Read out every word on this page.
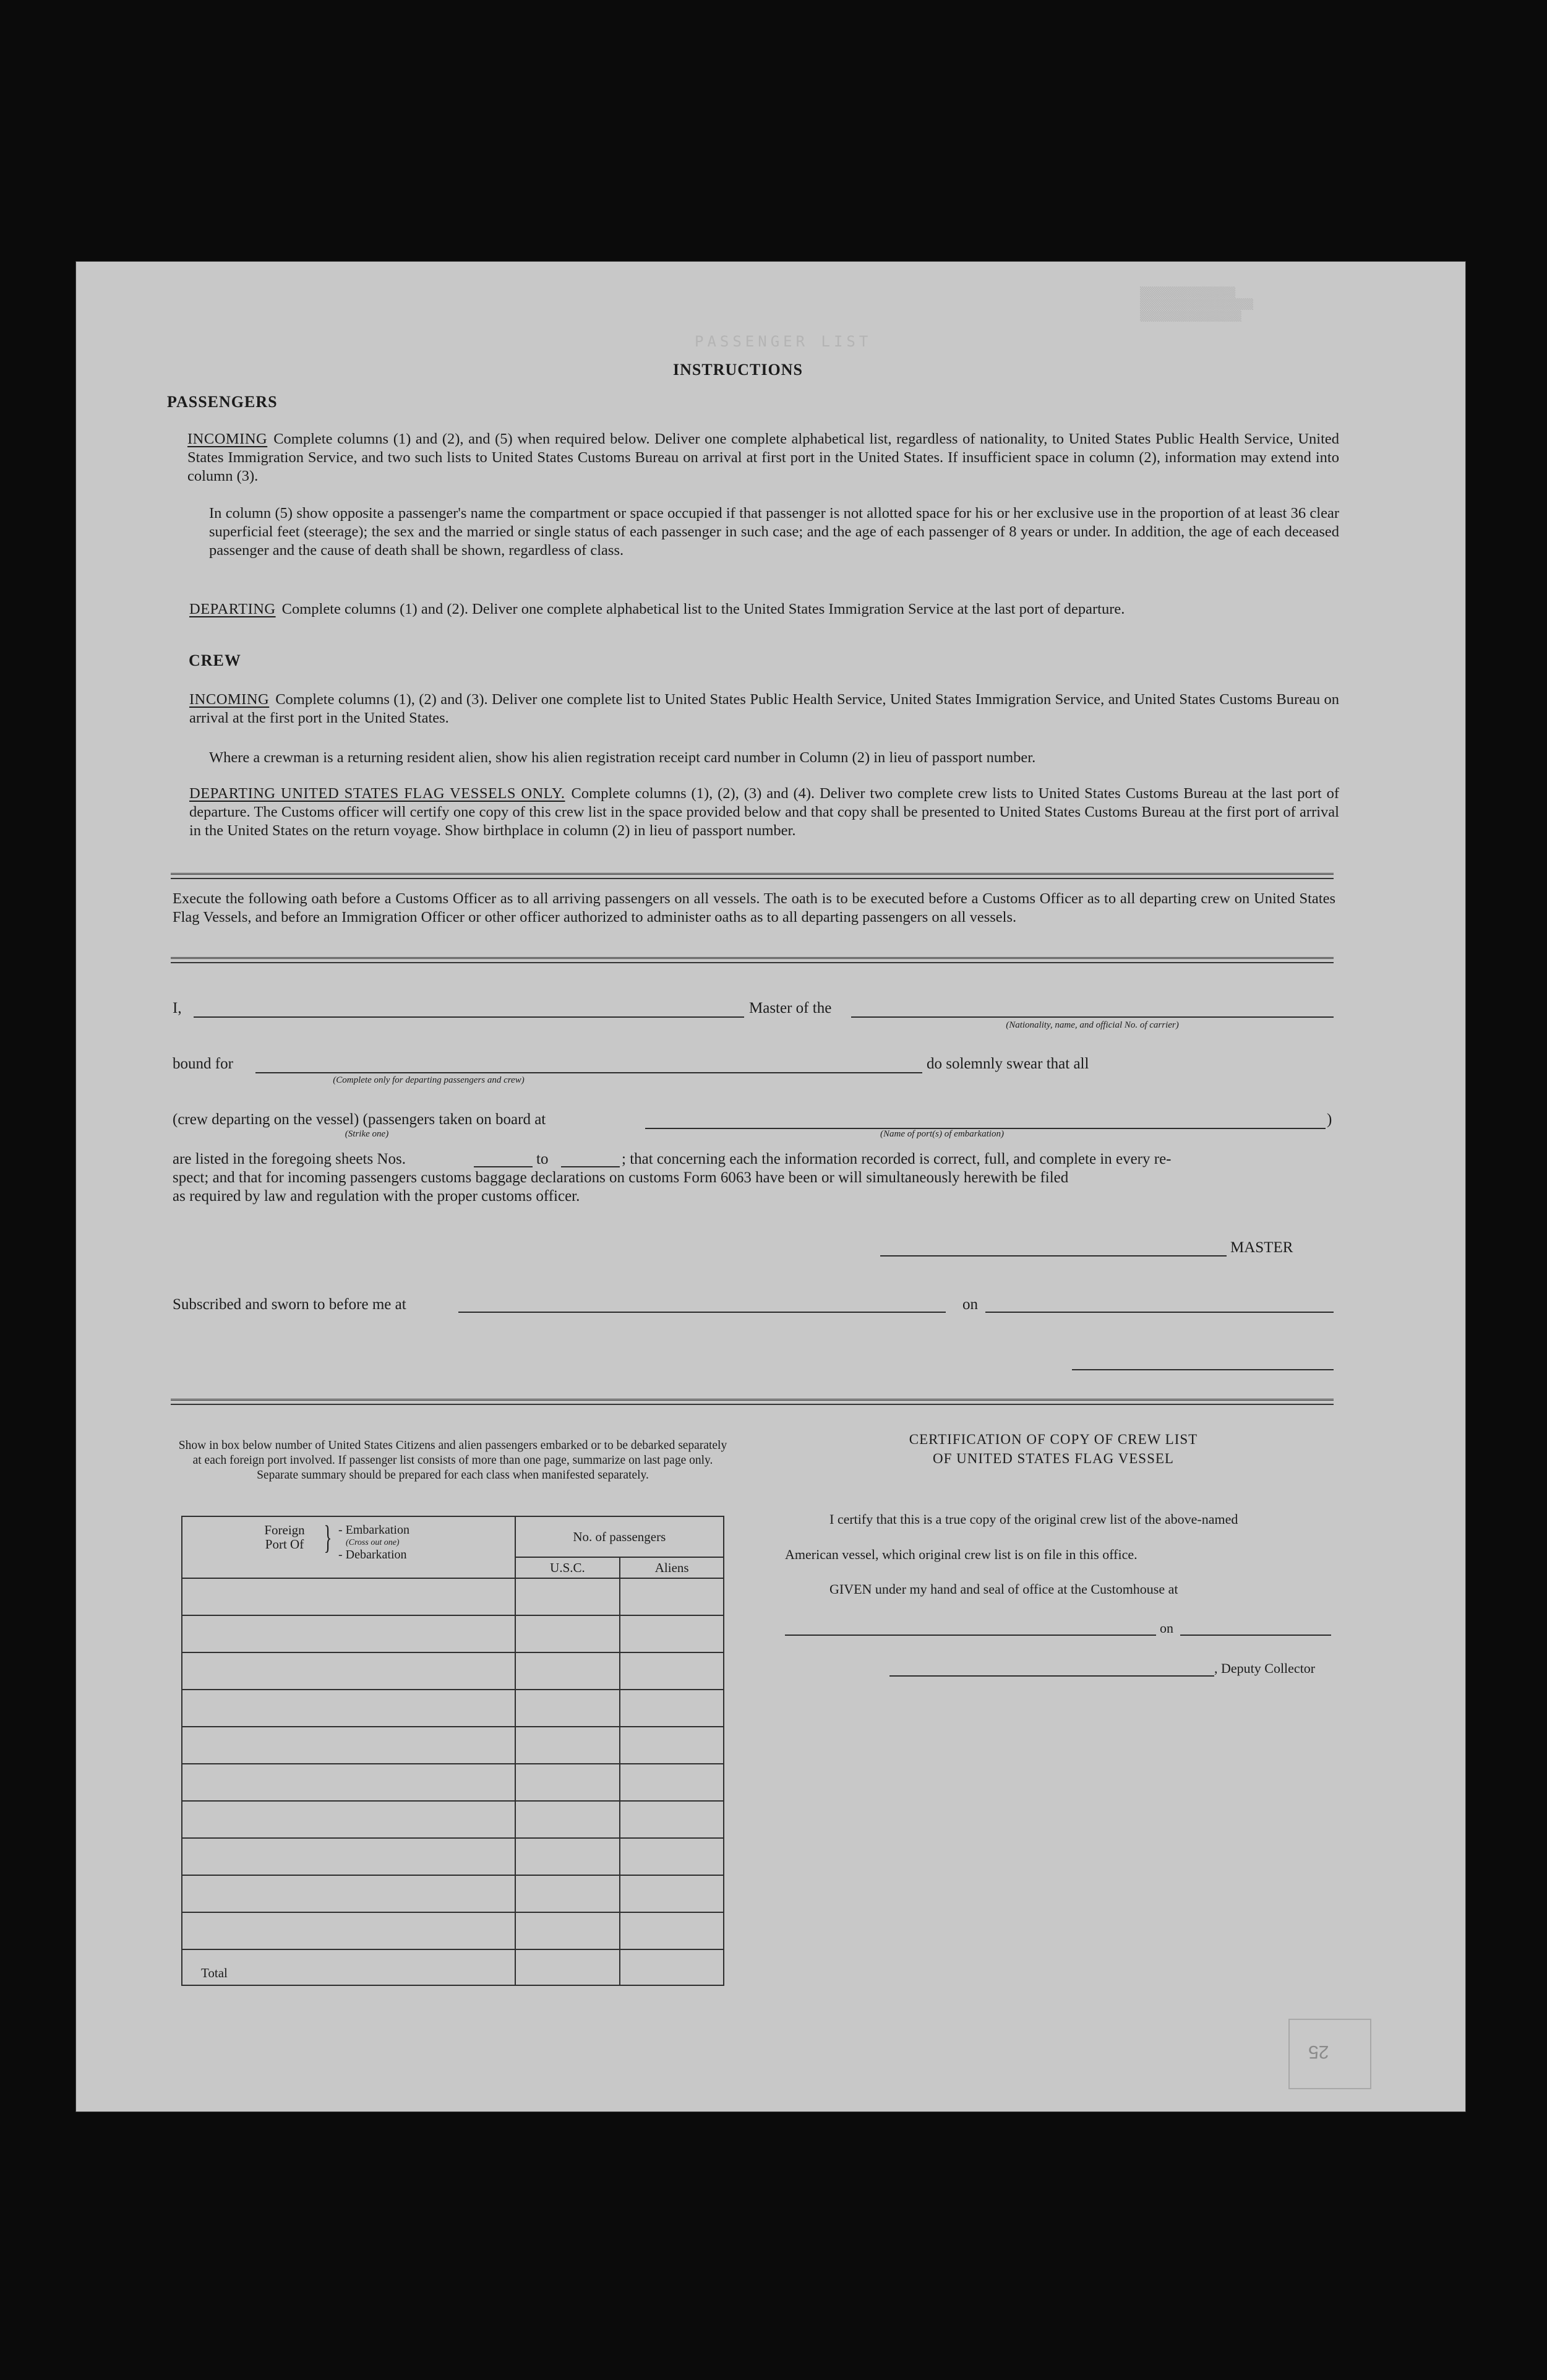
PASSENGER LIST
▒▒▒▒▒▒▒▒▒▒▒▒▒▒▒▒
▒▒▒▒▒▒▒▒▒▒▒▒▒▒▒▒▒▒▒
▒▒▒▒▒▒▒▒▒▒▒▒▒▒▒▒▒
INSTRUCTIONS
PASSENGERS
INCOMING Complete columns (1) and (2), and (5) when required below. Deliver one complete alphabetical list, regardless of nationality, to United States Public Health Service, United States Immigration Service, and two such lists to United States Customs Bureau on arrival at first port in the United States. If insufficient space in column (2), information may extend into column (3).
In column (5) show opposite a passenger's name the compartment or space occupied if that passenger is not allotted space for his or her exclusive use in the proportion of at least 36 clear superficial feet (steerage); the sex and the married or single status of each passenger in such case; and the age of each passenger of 8 years or under. In addition, the age of each deceased passenger and the cause of death shall be shown, regardless of class.
DEPARTING Complete columns (1) and (2). Deliver one complete alphabetical list to the United States Immigration Service at the last port of departure.
CREW
INCOMING Complete columns (1), (2) and (3). Deliver one complete list to United States Public Health Service, United States Immigration Service, and United States Customs Bureau on arrival at the first port in the United States.
Where a crewman is a returning resident alien, show his alien registration receipt card number in Column (2) in lieu of passport number.
DEPARTING UNITED STATES FLAG VESSELS ONLY. Complete columns (1), (2), (3) and (4). Deliver two complete crew lists to United States Customs Bureau at the last port of departure. The Customs officer will certify one copy of this crew list in the space provided below and that copy shall be presented to United States Customs Bureau at the first port of arrival in the United States on the return voyage. Show birthplace in column (2) in lieu of passport number.
Execute the following oath before a Customs Officer as to all arriving passengers on all vessels. The oath is to be executed before a Customs Officer as to all departing crew on United States Flag Vessels, and before an Immigration Officer or other officer authorized to administer oaths as to all departing passengers on all vessels.
I,	Master of the
(Nationality, name, and official No. of carrier)
bound for
(Complete only for departing passengers and crew)
do solemnly swear that all
(crew departing on the vessel) (passengers taken on board at	)
(Strike one)	(Name of port(s) of embarkation)
are listed in the foregoing sheets Nos.	to	; that concerning each the information recorded is correct, full, and complete in every re-
spect; and that for incoming passengers customs baggage declarations on customs Form 6063 have been or will simultaneously herewith be filed
as required by law and regulation with the proper customs officer.
MASTER
Subscribed and sworn to before me at	on
Show in box below number of United States Citizens and alien passengers embarked or to be debarked separately at each foreign port involved. If passenger list consists of more than one page, summarize on last page only. Separate summary should be prepared for each class when manifested separately.
Foreign Port Of } - Embarkation
(Cross out one)
- Debarkation	No. of passengers	
	U.S.C.	Aliens

Total		
CERTIFICATION OF COPY OF CREW LIST
OF UNITED STATES FLAG VESSEL
I certify that this is a true copy of the original crew list of the above-named
American vessel, which original crew list is on file in this office.
GIVEN under my hand and seal of office at the Customhouse at
on
, Deputy Collector
25
